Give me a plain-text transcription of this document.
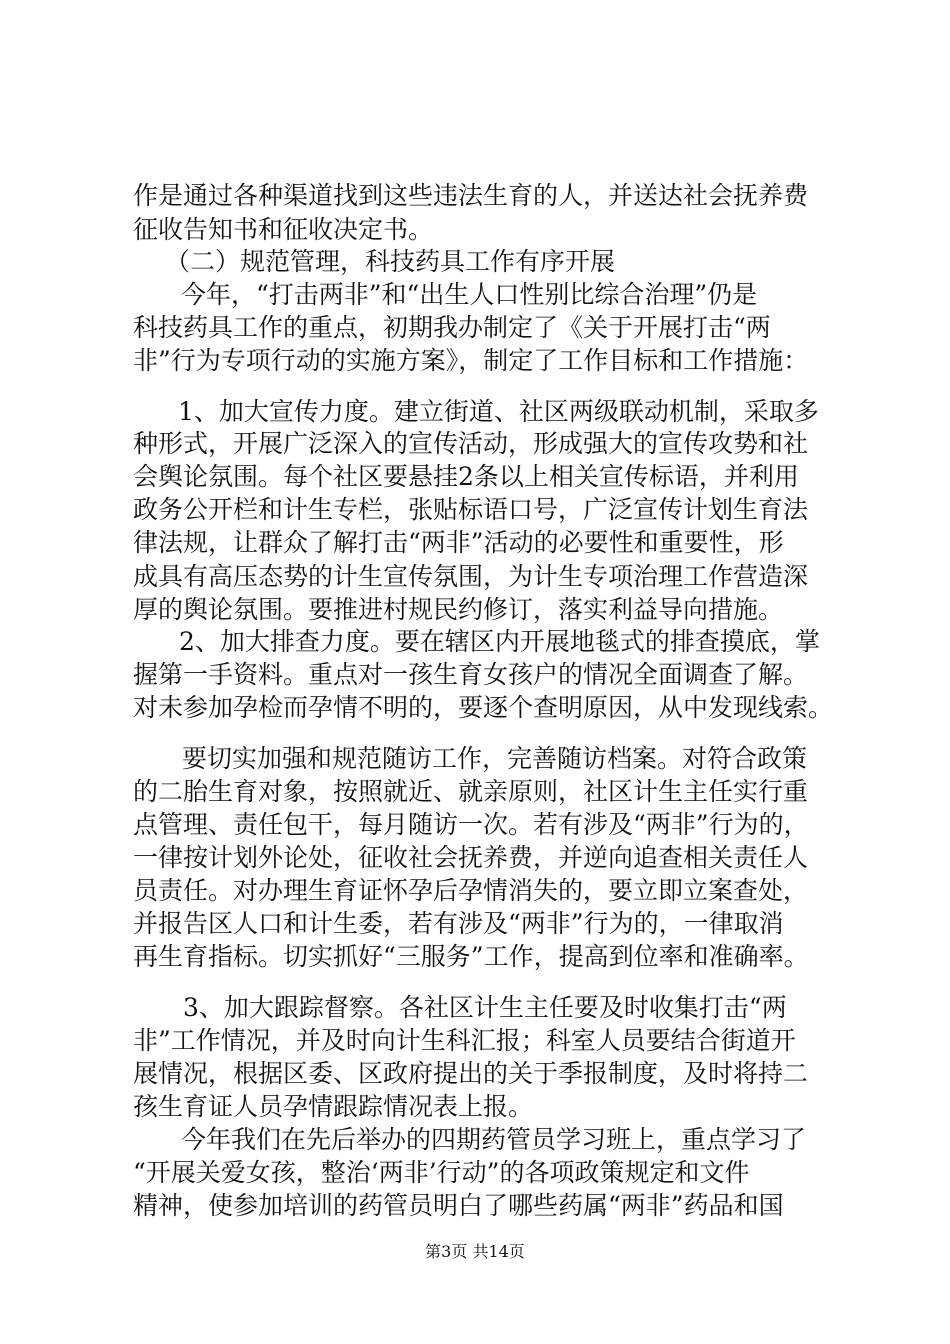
作是通过各种渠道找到这些违法生育的人，并送达社会抚养费
征收告知书和征收决定书。
（二）规范管理，科技药具工作有序开展
今年，“打击两非”和“出生人口性别比综合治理”仍是
科技药具工作的重点，初期我办制定了《关于开展打击“两
非”行为专项行动的实施方案》，制定了工作目标和工作措施：
1、加大宣传力度。建立街道、社区两级联动机制，采取多
种形式，开展广泛深入的宣传活动，形成强大的宣传攻势和社
会舆论氛围。每个社区要悬挂2条以上相关宣传标语，并利用
政务公开栏和计生专栏，张贴标语口号，广泛宣传计划生育法
律法规，让群众了解打击“两非”活动的必要性和重要性，形
成具有高压态势的计生宣传氛围，为计生专项治理工作营造深
厚的舆论氛围。要推进村规民约修订，落实利益导向措施。
2、加大排查力度。要在辖区内开展地毯式的排查摸底，掌
握第一手资料。重点对一孩生育女孩户的情况全面调查了解。
对未参加孕检而孕情不明的，要逐个查明原因，从中发现线索。
要切实加强和规范随访工作，完善随访档案。对符合政策
的二胎生育对象，按照就近、就亲原则，社区计生主任实行重
点管理、责任包干，每月随访一次。若有涉及“两非”行为的，
一律按计划外论处，征收社会抚养费，并逆向追查相关责任人
员责任。对办理生育证怀孕后孕情消失的，要立即立案查处，
并报告区人口和计生委，若有涉及“两非”行为的，一律取消
再生育指标。切实抓好“三服务”工作，提高到位率和准确率。
3、加大跟踪督察。各社区计生主任要及时收集打击“两
非”工作情况，并及时向计生科汇报；科室人员要结合街道开
展情况，根据区委、区政府提出的关于季报制度，及时将持二
孩生育证人员孕情跟踪情况表上报。
今年我们在先后举办的四期药管员学习班上，重点学习了
“开展关爱女孩，整治‘两非’行动”的各项政策规定和文件
精神，使参加培训的药管员明白了哪些药属“两非”药品和国
第3页 共14页
